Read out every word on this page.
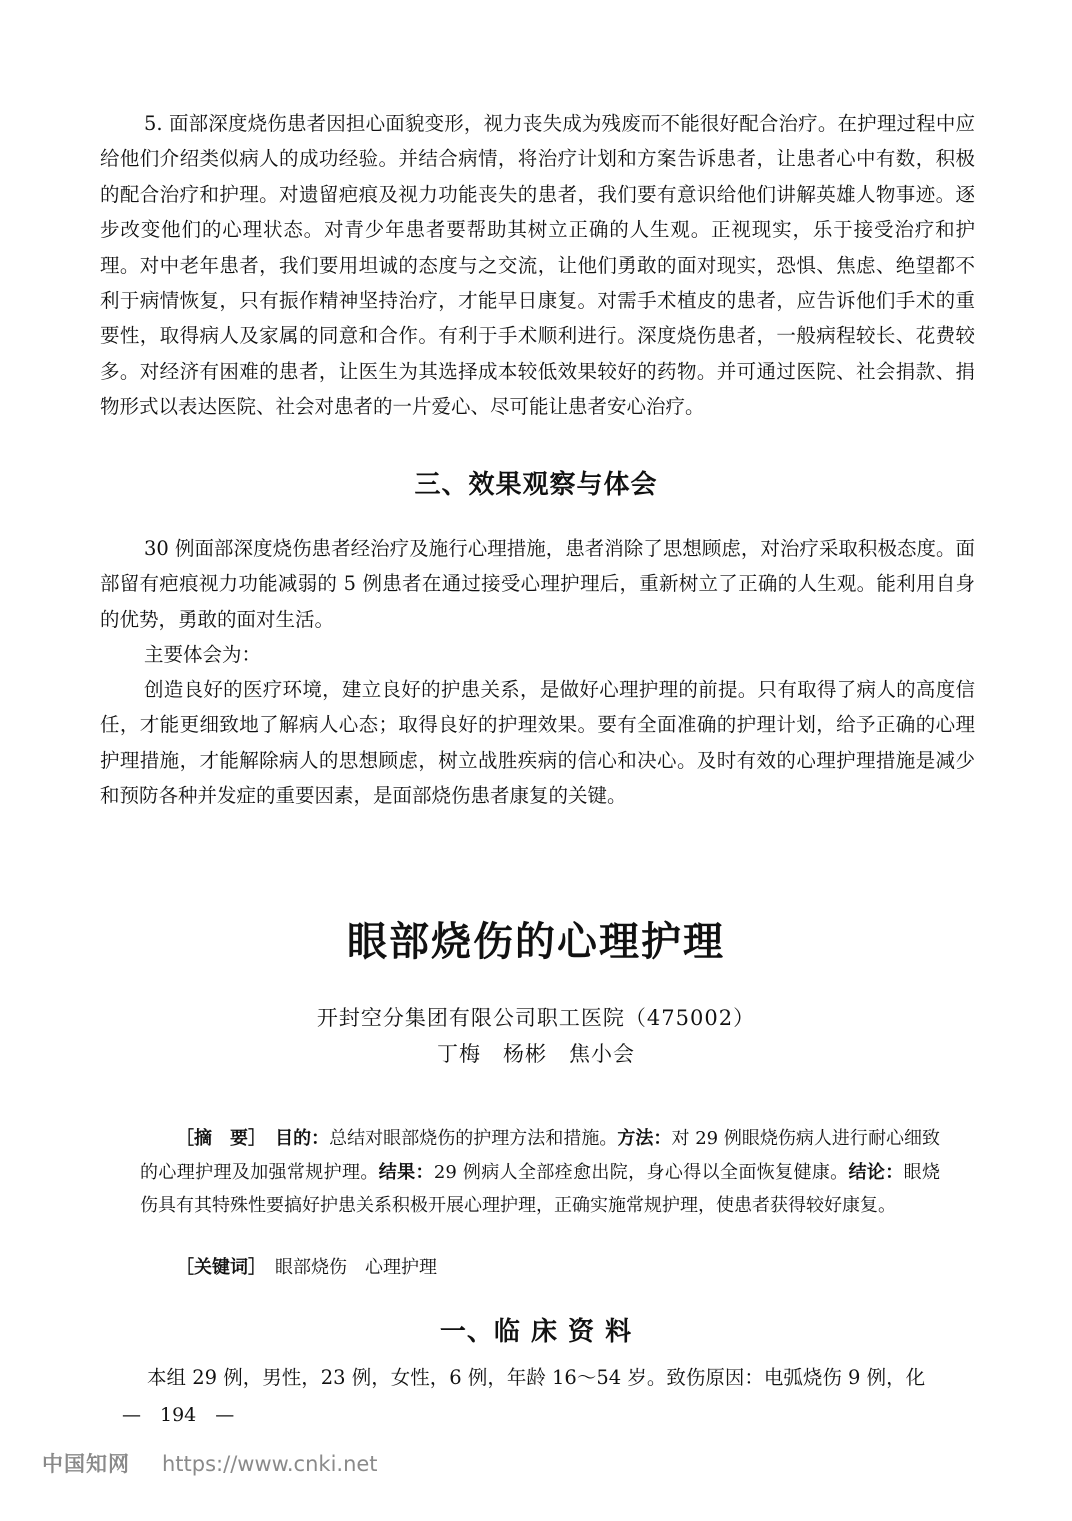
5. 面部深度烧伤患者因担心面貌变形，视力丧失成为残废而不能很好配合治疗。在护理过程中应给他们介绍类似病人的成功经验。并结合病情，将治疗计划和方案告诉患者，让患者心中有数，积极的配合治疗和护理。对遗留疤痕及视力功能丧失的患者，我们要有意识给他们讲解英雄人物事迹。逐步改变他们的心理状态。对青少年患者要帮助其树立正确的人生观。正视现实，乐于接受治疗和护理。对中老年患者，我们要用坦诚的态度与之交流，让他们勇敢的面对现实，恐惧、焦虑、绝望都不利于病情恢复，只有振作精神坚持治疗，才能早日康复。对需手术植皮的患者，应告诉他们手术的重要性，取得病人及家属的同意和合作。有利于手术顺利进行。深度烧伤患者，一般病程较长、花费较多。对经济有困难的患者，让医生为其选择成本较低效果较好的药物。并可通过医院、社会捐款、捐物形式以表达医院、社会对患者的一片爱心、尽可能让患者安心治疗。

三、效果观察与体会

30 例面部深度烧伤患者经治疗及施行心理措施，患者消除了思想顾虑，对治疗采取积极态度。面部留有疤痕视力功能减弱的 5 例患者在通过接受心理护理后，重新树立了正确的人生观。能利用自身的优势，勇敢的面对生活。

主要体会为：

创造良好的医疗环境，建立良好的护患关系，是做好心理护理的前提。只有取得了病人的高度信任，才能更细致地了解病人心态；取得良好的护理效果。要有全面准确的护理计划，给予正确的心理护理措施，才能解除病人的思想顾虑，树立战胜疾病的信心和决心。及时有效的心理护理措施是减少和预防各种并发症的重要因素，是面部烧伤患者康复的关键。

眼部烧伤的心理护理

开封空分集团有限公司职工医院（475002）

丁梅　杨彬　焦小会

［摘　要］　 目的：总结对眼部烧伤的护理方法和措施。方法：对 29 例眼烧伤病人进行耐心细致的心理护理及加强常规护理。结果：29 例病人全部痊愈出院，身心得以全面恢复健康。结论：眼烧伤具有其特殊性要搞好护患关系积极开展心理护理，正确实施常规护理，使患者获得较好康复。

［关键词］　 眼部烧伤　心理护理

一、临 床 资 料

本组 29 例，男性，23 例，女性，6 例，年龄 16～54 岁。致伤原因：电弧烧伤 9 例，化

—　194　—

中国知网 https://www.cnki.net
